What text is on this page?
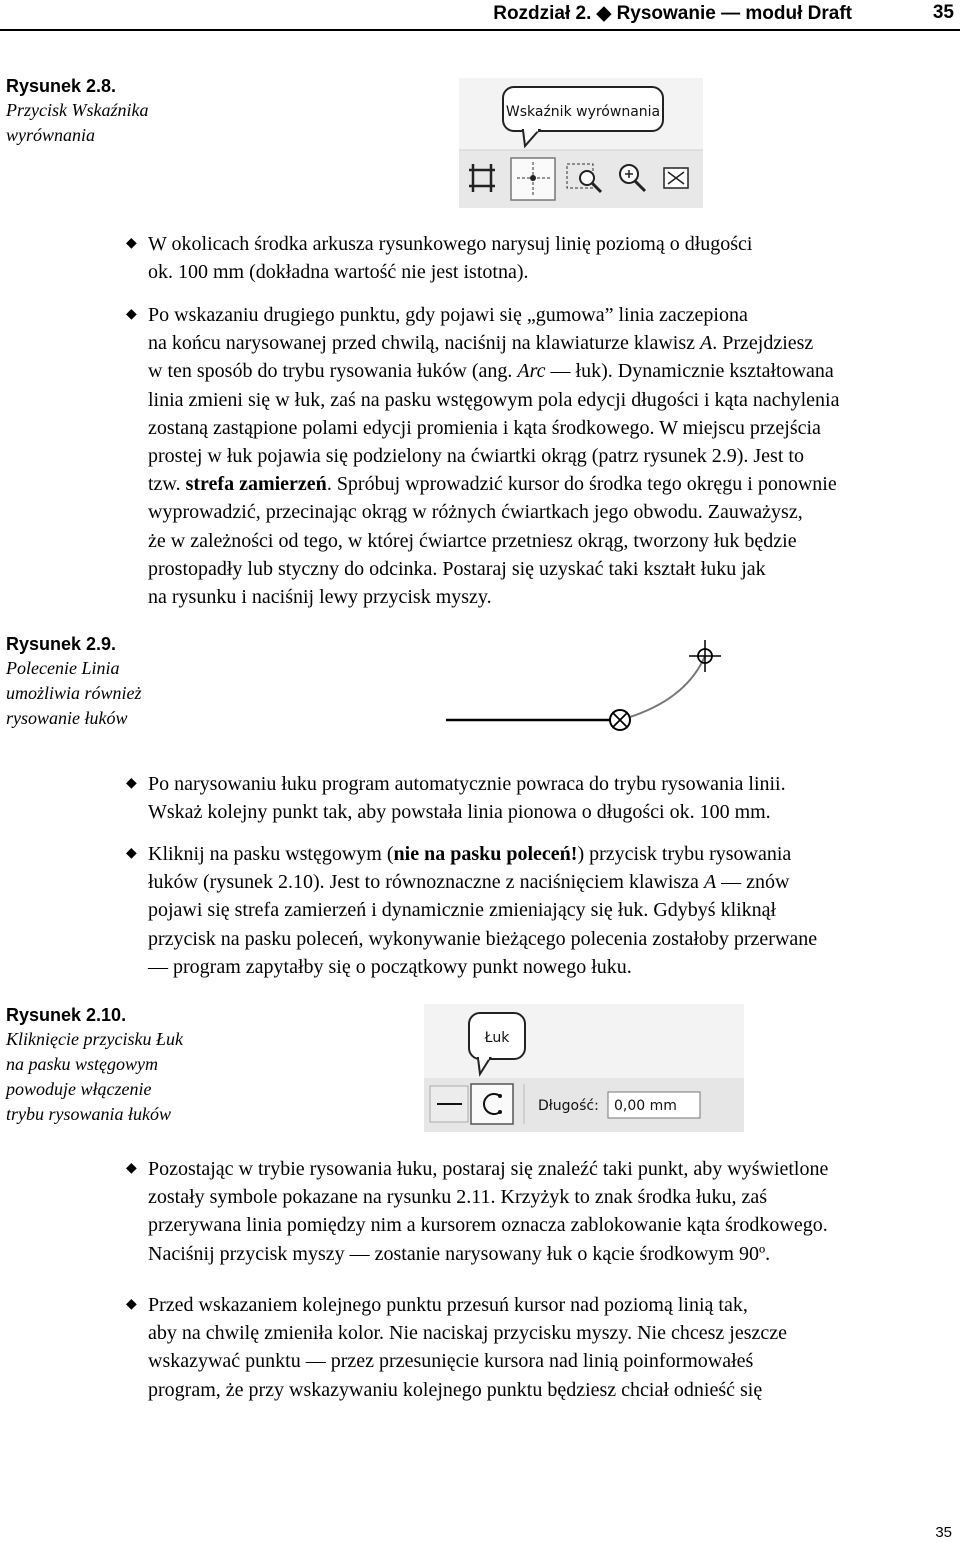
Rozdział 2. ◆ Rysowanie — moduł Draft	35
Rysunek 2.8.
Przycisk Wskaźnika
wyrównania
Wskaźnik wyrównania
◆ W okolicach środka arkusza rysunkowego narysuj linię poziomą o długości
ok. 100 mm (dokładna wartość nie jest istotna).
◆ Po wskazaniu drugiego punktu, gdy pojawi się „gumowa” linia zaczepiona
na końcu narysowanej przed chwilą, naciśnij na klawiaturze klawisz A. Przejdziesz
w ten sposób do trybu rysowania łuków (ang. Arc — łuk). Dynamicznie kształtowana
linia zmieni się w łuk, zaś na pasku wstęgowym pola edycji długości i kąta nachylenia
zostaną zastąpione polami edycji promienia i kąta środkowego. W miejscu przejścia
prostej w łuk pojawia się podzielony na ćwiartki okrąg (patrz rysunek 2.9). Jest to
tzw. strefa zamierzeń. Spróbuj wprowadzić kursor do środka tego okręgu i ponownie
wyprowadzić, przecinając okrąg w różnych ćwiartkach jego obwodu. Zauważysz,
że w zależności od tego, w której ćwiartce przetniesz okrąg, tworzony łuk będzie
prostopadły lub styczny do odcinka. Postaraj się uzyskać taki kształt łuku jak
na rysunku i naciśnij lewy przycisk myszy.
Rysunek 2.9.
Polecenie Linia
umożliwia również
rysowanie łuków
◆ Po narysowaniu łuku program automatycznie powraca do trybu rysowania linii.
Wskaż kolejny punkt tak, aby powstała linia pionowa o długości ok. 100 mm.
◆ Kliknij na pasku wstęgowym (nie na pasku poleceń!) przycisk trybu rysowania
łuków (rysunek 2.10). Jest to równoznaczne z naciśnięciem klawisza A — znów
pojawi się strefa zamierzeń i dynamicznie zmieniający się łuk. Gdybyś kliknął
przycisk na pasku poleceń, wykonywanie bieżącego polecenia zostałoby przerwane
— program zapytałby się o początkowy punkt nowego łuku.
Rysunek 2.10.
Kliknięcie przycisku Łuk
na pasku wstęgowym
powoduje włączenie
trybu rysowania łuków
Łuk
Długość: 0,00 mm
◆ Pozostając w trybie rysowania łuku, postaraj się znaleźć taki punkt, aby wyświetlone
zostały symbole pokazane na rysunku 2.11. Krzyżyk to znak środka łuku, zaś
przerywana linia pomiędzy nim a kursorem oznacza zablokowanie kąta środkowego.
Naciśnij przycisk myszy — zostanie narysowany łuk o kącie środkowym 90º.
◆ Przed wskazaniem kolejnego punktu przesuń kursor nad poziomą linią tak,
aby na chwilę zmieniła kolor. Nie naciskaj przycisku myszy. Nie chcesz jeszcze
wskazywać punktu — przez przesunięcie kursora nad linią poinformowałeś
program, że przy wskazywaniu kolejnego punktu będziesz chciał odnieść się
35
